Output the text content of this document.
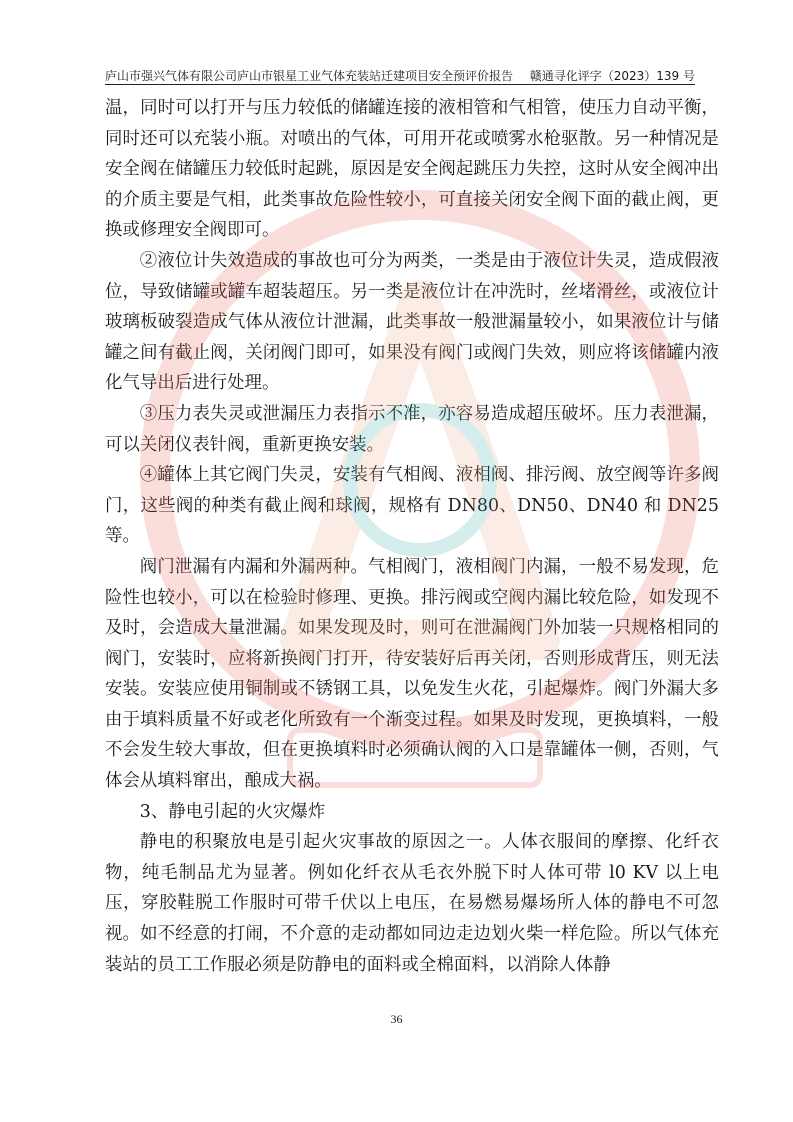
庐山市强兴气体有限公司庐山市银星工业气体充装站迁建项目安全预评价报告 赣通寻化评字（2023）139 号

温，同时可以打开与压力较低的储罐连接的液相管和气相管，使压力自动平衡，同时还可以充装小瓶。对喷出的气体，可用开花或喷雾水枪驱散。另一种情况是安全阀在储罐压力较低时起跳，原因是安全阀起跳压力失控，这时从安全阀冲出的介质主要是气相，此类事故危险性较小，可直接关闭安全阀下面的截止阀，更换或修理安全阀即可。

②液位计失效造成的事故也可分为两类，一类是由于液位计失灵，造成假液位，导致储罐或罐车超装超压。另一类是液位计在冲洗时，丝堵滑丝，或液位计玻璃板破裂造成气体从液位计泄漏，此类事故一般泄漏量较小，如果液位计与储罐之间有截止阀，关闭阀门即可，如果没有阀门或阀门失效，则应将该储罐内液化气导出后进行处理。

③压力表失灵或泄漏压力表指示不准，亦容易造成超压破坏。压力表泄漏，可以关闭仪表针阀，重新更换安装。

④罐体上其它阀门失灵，安装有气相阀、液相阀、排污阀、放空阀等许多阀门，这些阀的种类有截止阀和球阀，规格有 DN80、DN50、DN40 和 DN25 等。

阀门泄漏有内漏和外漏两种。气相阀门，液相阀门内漏，一般不易发现，危险性也较小，可以在检验时修理、更换。排污阀或空阀内漏比较危险，如发现不及时，会造成大量泄漏。如果发现及时，则可在泄漏阀门外加装一只规格相同的阀门，安装时，应将新换阀门打开，待安装好后再关闭，否则形成背压，则无法安装。安装应使用铜制或不锈钢工具，以免发生火花，引起爆炸。阀门外漏大多由于填料质量不好或老化所致有一个渐变过程。如果及时发现，更换填料，一般不会发生较大事故，但在更换填料时必须确认阀的入口是靠罐体一侧，否则，气体会从填料窜出，酿成大祸。

3、静电引起的火灾爆炸

静电的积聚放电是引起火灾事故的原因之一。人体衣服间的摩擦、化纤衣物，纯毛制品尤为显著。例如化纤衣从毛衣外脱下时人体可带 l0 KV 以上电压，穿胶鞋脱工作服时可带千伏以上电压，在易燃易爆场所人体的静电不可忽视。如不经意的打闹，不介意的走动都如同边走边划火柴一样危险。所以气体充装站的员工工作服必须是防静电的面料或全棉面料，以消除人体静

36
